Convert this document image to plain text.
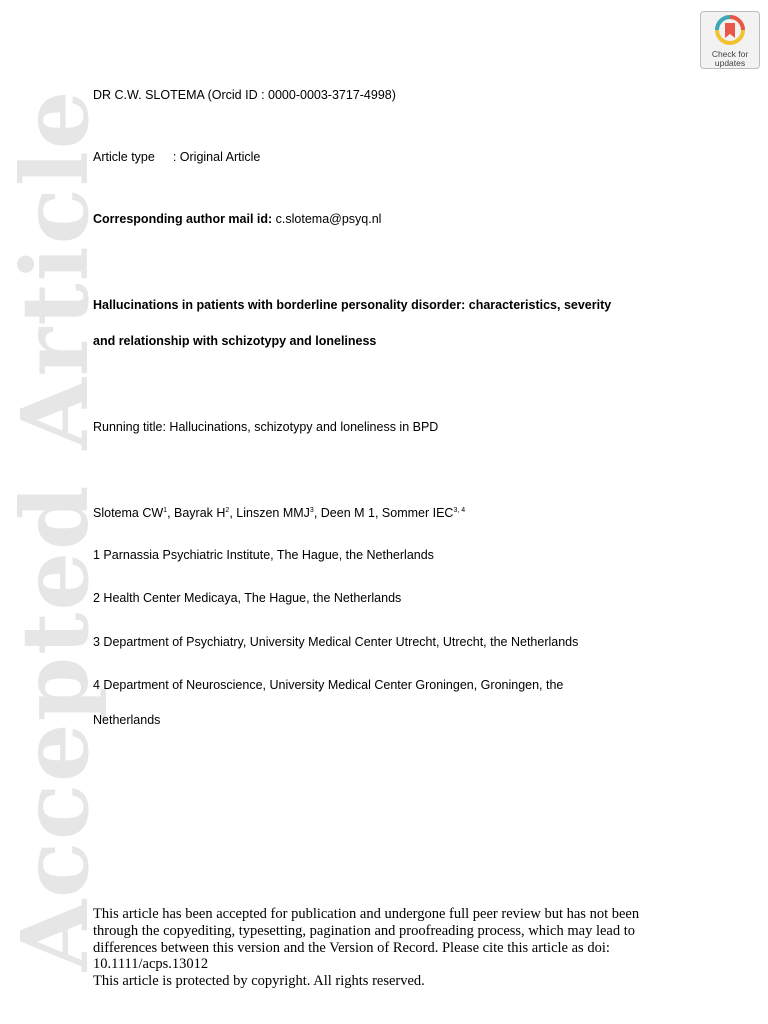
Accepted Article
Check for
updates
DR C.W. SLOTEMA (Orcid ID : 0000-0003-3717-4998)
Article type : Original Article
Corresponding author mail id: c.slotema@psyq.nl
Hallucinations in patients with borderline personality disorder: characteristics, severity
and relationship with schizotypy and loneliness
Running title: Hallucinations, schizotypy and loneliness in BPD
Slotema $CW^1$, Bayrak $H^2$, Linszen MMJ$^3$, Deen M 1, Sommer IEC$^{3, 4}$
1 Parnassia Psychiatric Institute, The Hague, the Netherlands
2 Health Center Medicaya, The Hague, the Netherlands
3 Department of Psychiatry, University Medical Center Utrecht, Utrecht, the Netherlands
4 Department of Neuroscience, University Medical Center Groningen, Groningen, the
Netherlands
This article has been accepted for publication and undergone full peer review but has not been through the copyediting, typesetting, pagination and proofreading process, which may lead to differences between this version and the Version of Record. Please cite this article as doi: 10.1111/acps.13012
This article is protected by copyright. All rights reserved.
